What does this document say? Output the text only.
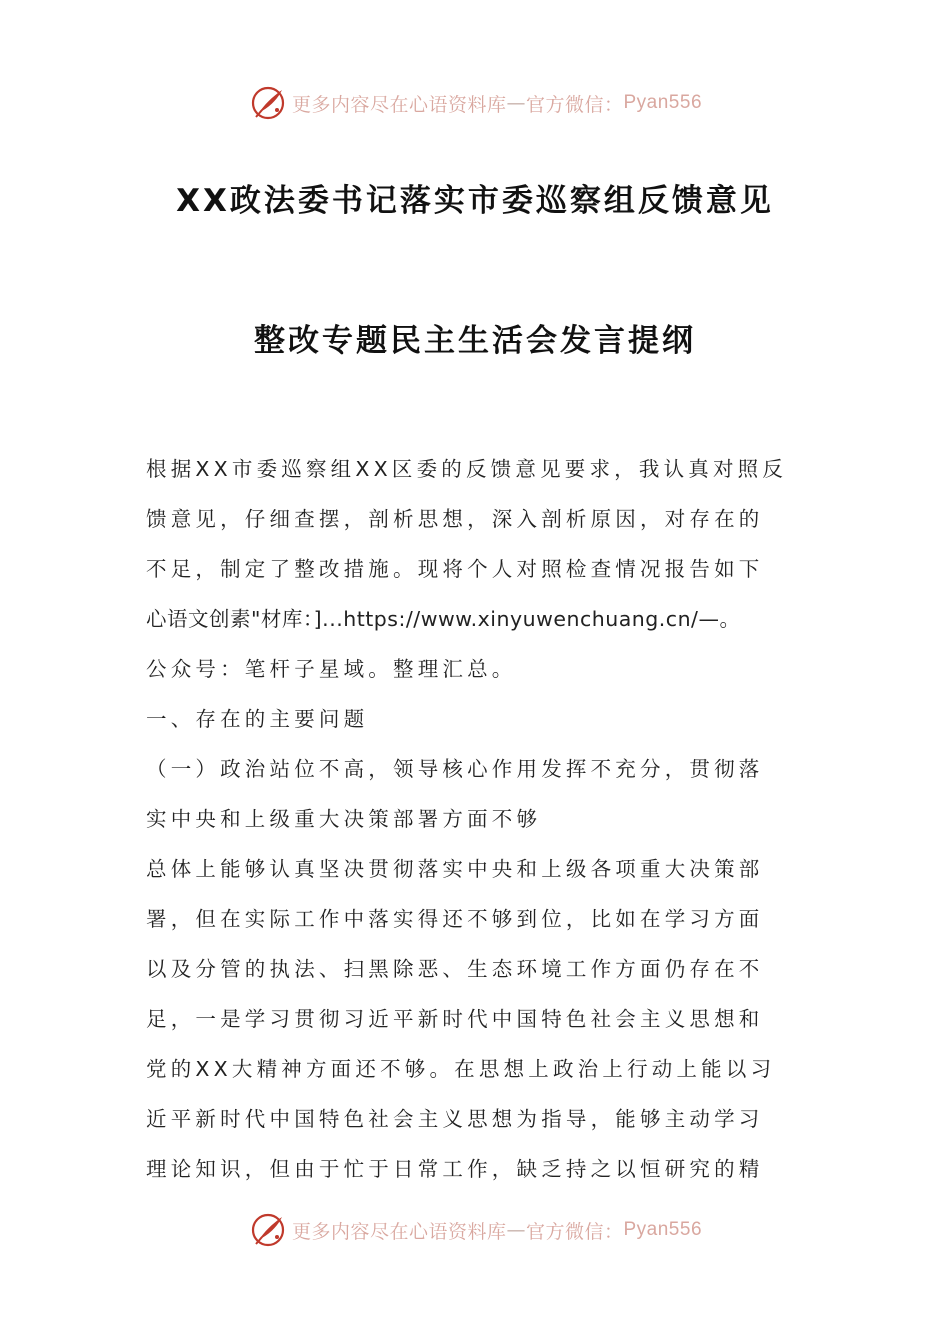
更多内容尽在心语资料库 — 官方微信： Pyan556
XX政法委书记落实市委巡察组反馈意见
整改专题民主生活会发言提纲
根据XX市委巡察组XX区委的反馈意见要求，我认真对照反
馈意见，仔细查摆，剖析思想，深入剖析原因，对存在的
不足，制定了整改措施。现将个人对照检查情况报告如下
心语文创素"材库：]...https://www.xinyuwenchuang.cn/—。
公众号：笔杆子星域。整理汇总。
一、存在的主要问题
（一）政治站位不高，领导核心作用发挥不充分，贯彻落
实中央和上级重大决策部署方面不够
总体上能够认真坚决贯彻落实中央和上级各项重大决策部
署，但在实际工作中落实得还不够到位，比如在学习方面
以及分管的执法、扫黑除恶、生态环境工作方面仍存在不
足，一是学习贯彻习近平新时代中国特色社会主义思想和
党的XX大精神方面还不够。在思想上政治上行动上能以习
近平新时代中国特色社会主义思想为指导，能够主动学习
理论知识，但由于忙于日常工作，缺乏持之以恒研究的精
更多内容尽在心语资料库 — 官方微信： Pyan556
